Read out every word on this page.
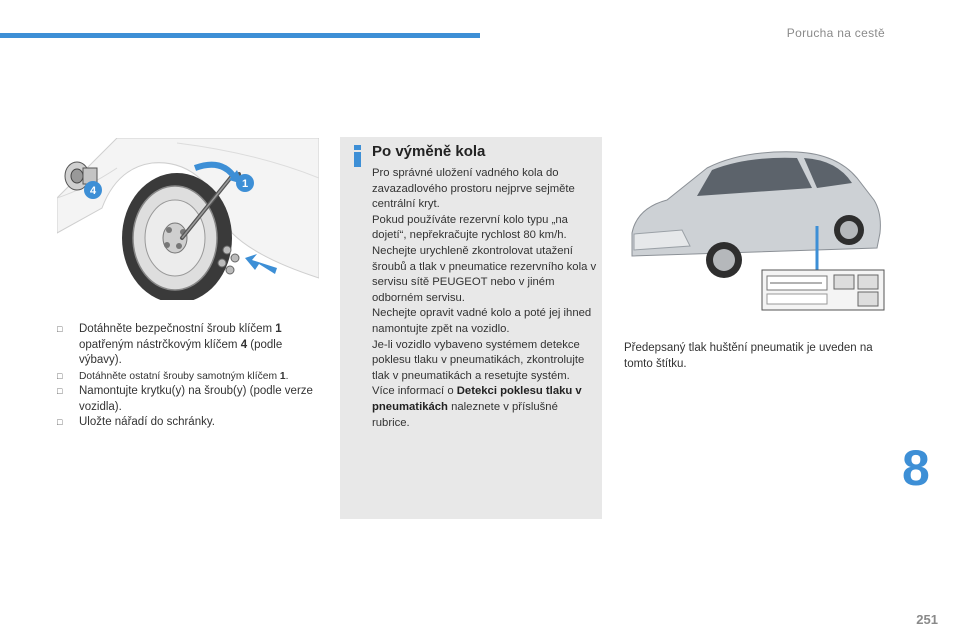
Porucha na cestě
4
1
□ Dotáhněte bezpečnostní šroub klíčem 1 opatřeným nástrčkovým klíčem 4 (podle výbavy).
□ Dotáhněte ostatní šrouby samotným klíčem 1.
□ Namontujte krytku(y) na šroub(y) (podle verze vozidla).
□ Uložte nářadí do schránky.
Po výměně kola

Pro správné uložení vadného kola do zavazadlového prostoru nejprve sejměte centrální kryt.

Pokud používáte rezervní kolo typu „na dojetí“, nepřekračujte rychlost 80 km/h.

Nechejte urychleně zkontrolovat utažení šroubů a tlak v pneumatice rezervního kola v servisu sítě PEUGEOT nebo v jiném odborném servisu.

Nechejte opravit vadné kolo a poté jej ihned namontujte zpět na vozidlo.

Je-li vozidlo vybaveno systémem detekce poklesu tlaku v pneumatikách, zkontrolujte tlak v pneumatikách a resetujte systém.

Více informací o Detekci poklesu tlaku v pneumatikách naleznete v příslušné rubrice.

Předepsaný tlak huštění pneumatik je uveden na tomto štítku.
8
251
